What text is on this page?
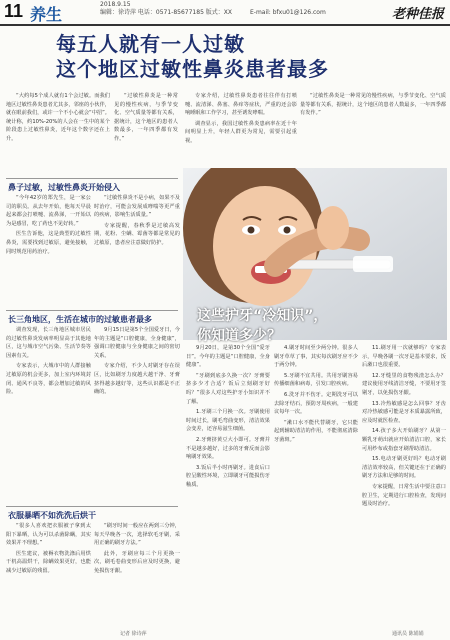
11 养生
2018.9.15
编辑：徐诗萍 电话：0571-85677185 版式：XX	E-mail: bfxu01@126.com	老种佳报
每五人就有一人过敏
这个地区过敏性鼻炎患者最多

“大约每5个成人就有1个会过敏。而我们地区过敏性鼻炎患者尤其多，邻座的小伙伴，就在眼前我们，或许一个不小心就会“中招”。统计称，约10%-20%的人会在一生中的某个阶段患上过敏性鼻炎，近年这个数字还在上升。

“过敏性鼻炎是一种常见的慢性疾病，与季节变化、空气质量等都有关系，据统计，这个地区的患者人数最多，一年四季都有发作。”

专家介绍，过敏性鼻炎患者往往伴有打喷嚏、流清涕、鼻塞、鼻痒等症状，严重的还会影响睡眠和工作学习，甚至诱发哮喘。

调查显示，我国过敏性鼻炎患病率在近十年间明显上升，年轻人群更为常见，需要引起重视。

鼻子过敏，过敏性鼻炎开始侵入

“今年42岁的郑先生，是一家公司的职员。从去年开始，他每天早晨起来都会打喷嚏、流鼻涕，一开始以为是感冒，吃了药也不见好转。”

医生告诉他，这是典型的过敏性鼻炎，需要找到过敏原，避免接触，同时规范用药治疗。

“过敏性鼻炎不是小病，如果不及时治疗，可能会发展成哮喘等更严重的疾病，影响生活质量。”

专家提醒，春秋季是过敏高发期，花粉、尘螨、霉菌等都是常见的过敏原，患者应注意做好防护。

长三角地区，生活在城市的过敏患者最多

调查发现，长三角地区城市居民的过敏性鼻炎发病率明显高于其他地区，这与城市空气污染、生活节奏等因素有关。

专家表示，大城市中的人群接触过敏原的机会更多，加上室内环境封闭、通风不良等，都会增加过敏的风险。

9月15日是第5个全国爱牙日，今年的主题是“口腔健康，全身健康”，强调口腔健康与全身健康之间的密切关系。

专家介绍，不少人对刷牙存在误区，比如刷牙力度越大越干净、牙膏挤得越多越好等，这些认识都是不正确的。

衣服暴晒不如洗洗后烘干

“很多人喜欢把衣服被子拿到太阳下暴晒，认为可以杀菌除螨，其实效果并不理想。”

医生建议，被褥衣物洗涤后用烘干机高温烘干，除螨效果更好，也能减少过敏原的残留。

“刷牙时间一般应在两到三分钟，每天早晚各一次，选择软毛牙刷，采用正确的刷牙方法。”

此外，牙刷应每三个月更换一次，刷毛卷曲变形后应及时更换，避免损伤牙龈。

记者 徐诗萍
这些护牙“冷知识”，
你知道多少？

9月20日，是第30个全国“爱牙日”。今年的主题是“口腔健康，全身健康”。

“牙刷到底多久换一次？牙膏要挤多少才合适？饭后立刻刷牙好吗？”很多人对这些护牙小知识并不了解。

1.牙刷三个月换一次。牙刷使用时间过长，刷毛弯曲变形，清洁效果会变差，还容易滋生细菌。

2.牙膏挤黄豆大小即可。牙膏并不是越多越好，过多的牙膏反而会影响刷牙效果。

3.饭后半小时再刷牙。进食后口腔呈酸性环境，立即刷牙可能损伤牙釉质。

4.刷牙时间至少两分钟。很多人刷牙草草了事，其实每次刷牙应不少于两分钟。

5.牙刷不宜共用。共用牙刷容易传播细菌和病毒，引发口腔疾病。

6.洗牙并不伤牙。定期洗牙可以去除牙结石，预防牙周疾病，一般建议每年一次。

“漱口水不能代替刷牙，它只能起到辅助清洁的作用，不能彻底清除牙菌斑。”

11.刷牙用一次就够吗？专家表示，早晚各刷一次牙是基本要求，饭后漱口也很重要。

12.牙缝里的食物残渣怎么办？建议使用牙线清洁牙缝，不要用牙签剔牙，以免损伤牙龈。

13.冷热敏感是怎么回事？牙齿对冷热敏感可能是牙本质暴露所致，应及时就医检查。

14.孩子多大开始刷牙？从第一颗乳牙萌出就应开始清洁口腔，家长可用纱布或指套牙刷帮助清洁。

15.电动牙刷更好吗？电动牙刷清洁效率较高，但关键还在于正确的刷牙方法和足够的时间。

专家提醒，日常生活中要注意口腔卫生，定期进行口腔检查，发现问题及时治疗。

通讯员 陈娟娟

“过敏性鼻炎是一种常见的慢性疾病，与季节变化、空气质量等都有关系，据统计，这个地区的患者人数最多，一年四季都有发作。”
